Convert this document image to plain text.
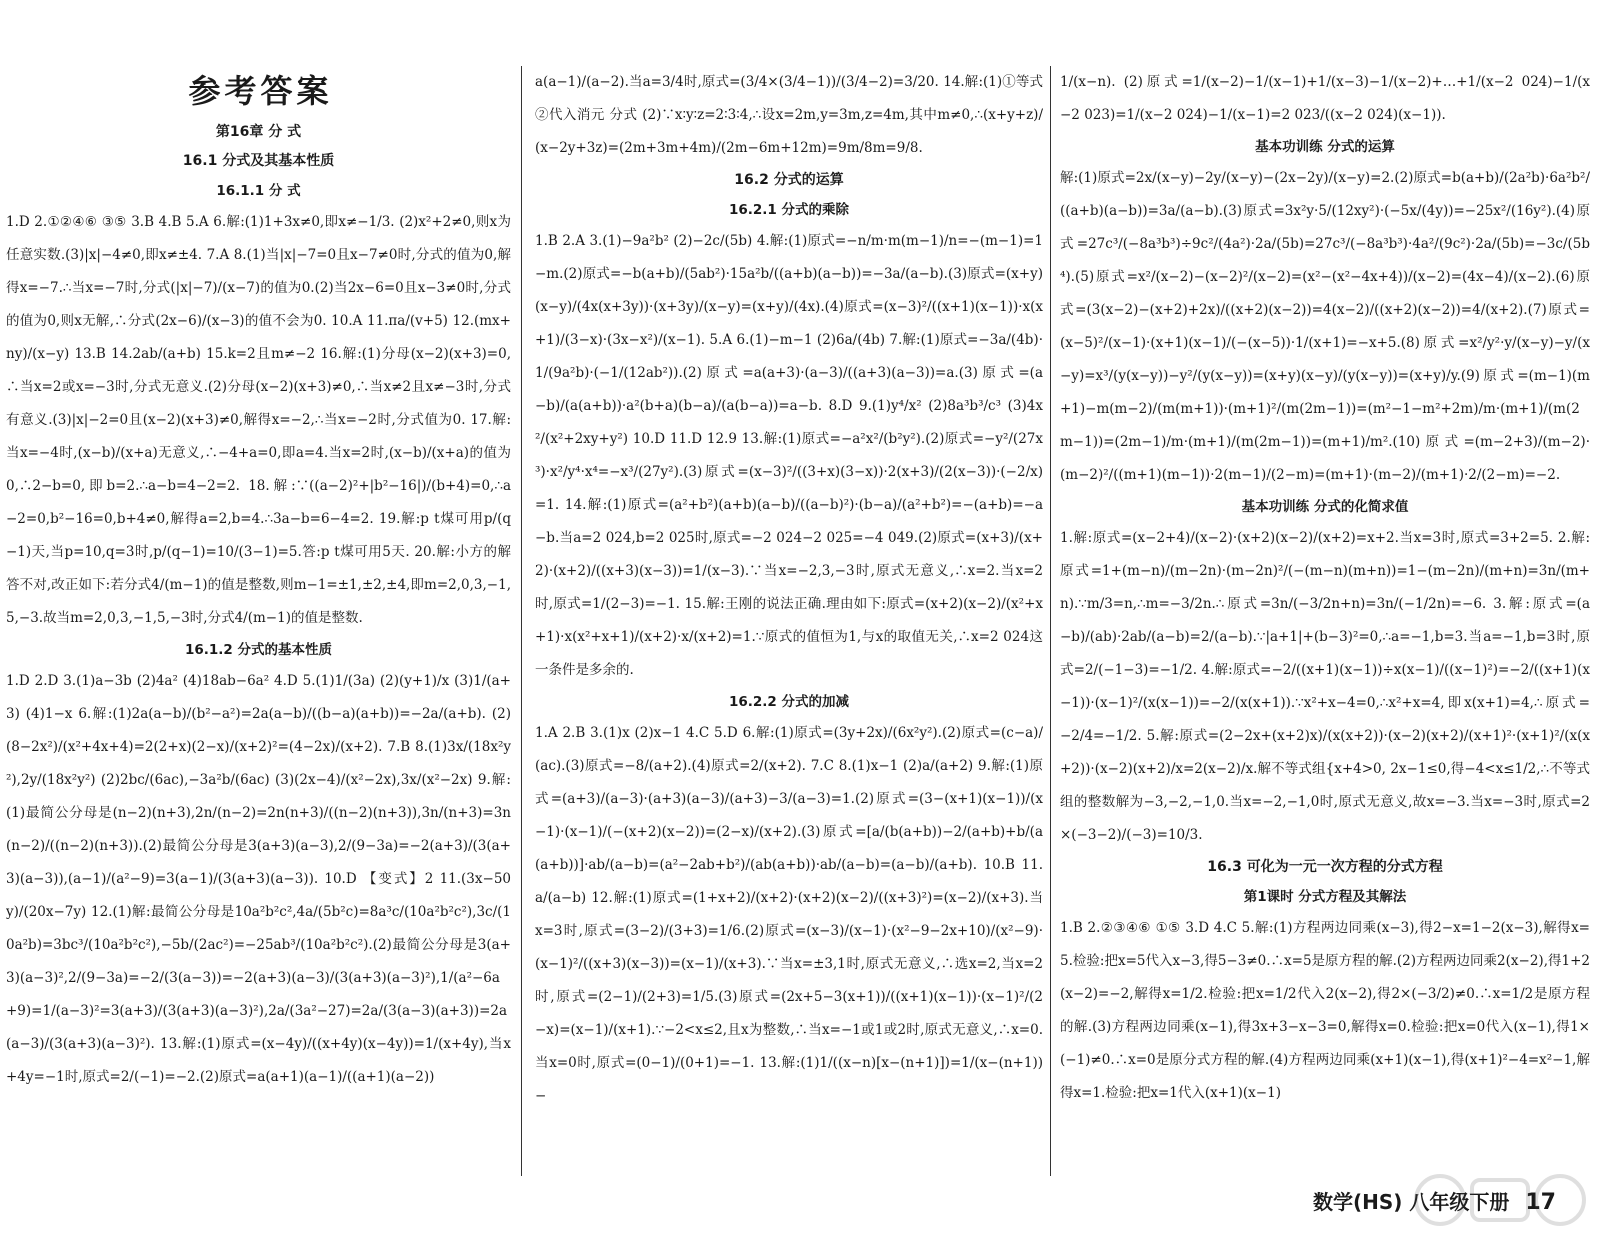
参考答案
第16章 分 式
16.1 分式及其基本性质
16.1.1 分 式

1.D 2.①②④⑥ ③⑤ 3.B 4.B 5.A 6.解:(1)1+3x≠0,即x≠−1/3. (2)x²+2≠0,则x为任意实数.(3)|x|−4≠0,即x≠±4. 7.A 8.(1)当|x|−7=0且x−7≠0时,分式的值为0,解得x=−7.∴当x=−7时,分式(|x|−7)/(x−7)的值为0.(2)当2x−6=0且x−3≠0时,分式的值为0,则x无解,∴分式(2x−6)/(x−3)的值不会为0. 10.A 11.πa/(v+5) 12.(mx+ny)/(x−y) 13.B 14.2ab/(a+b) 15.k=2且m≠−2 16.解:(1)分母(x−2)(x+3)=0,∴当x=2或x=−3时,分式无意义.(2)分母(x−2)(x+3)≠0,∴当x≠2且x≠−3时,分式有意义.(3)|x|−2=0且(x−2)(x+3)≠0,解得x=−2,∴当x=−2时,分式值为0. 17.解:当x=−4时,(x−b)/(x+a)无意义,∴−4+a=0,即a=4.当x=2时,(x−b)/(x+a)的值为0,∴2−b=0,即b=2.∴a−b=4−2=2. 18.解:∵((a−2)²+|b²−16|)/(b+4)=0,∴a−2=0,b²−16=0,b+4≠0,解得a=2,b=4.∴3a−b=6−4=2. 19.解:p t煤可用p/(q−1)天,当p=10,q=3时,p/(q−1)=10/(3−1)=5.答:p t煤可用5天. 20.解:小方的解答不对,改正如下:若分式4/(m−1)的值是整数,则m−1=±1,±2,±4,即m=2,0,3,−1,5,−3.故当m=2,0,3,−1,5,−3时,分式4/(m−1)的值是整数.

16.1.2 分式的基本性质

1.D 2.D 3.(1)a−3b (2)4a² (4)18ab−6a² 4.D 5.(1)1/(3a) (2)(y+1)/x (3)1/(a+3) (4)1−x 6.解:(1)2a(a−b)/(b²−a²)=2a(a−b)/((b−a)(a+b))=−2a/(a+b). (2)(8−2x²)/(x²+4x+4)=2(2+x)(2−x)/(x+2)²=(4−2x)/(x+2). 7.B 8.(1)3x/(18x²y²),2y/(18x²y²) (2)2bc/(6ac),−3a²b/(6ac) (3)(2x−4)/(x²−2x),3x/(x²−2x) 9.解:(1)最简公分母是(n−2)(n+3),2n/(n−2)=2n(n+3)/((n−2)(n+3)),3n/(n+3)=3n(n−2)/((n−2)(n+3)).(2)最简公分母是3(a+3)(a−3),2/(9−3a)=−2(a+3)/(3(a+3)(a−3)),(a−1)/(a²−9)=3(a−1)/(3(a+3)(a−3)). 10.D 【变式】2 11.(3x−50y)/(20x−7y) 12.(1)解:最简公分母是10a²b²c²,4a/(5b²c)=8a³c/(10a²b²c²),3c/(10a²b)=3bc³/(10a²b²c²),−5b/(2ac²)=−25ab³/(10a²b²c²).(2)最简公分母是3(a+3)(a−3)²,2/(9−3a)=−2/(3(a−3))=−2(a+3)(a−3)/(3(a+3)(a−3)²),1/(a²−6a+9)=1/(a−3)²=3(a+3)/(3(a+3)(a−3)²),2a/(3a²−27)=2a/(3(a−3)(a+3))=2a(a−3)/(3(a+3)(a−3)²). 13.解:(1)原式=(x−4y)/((x+4y)(x−4y))=1/(x+4y),当x+4y=−1时,原式=2/(−1)=−2.(2)原式=a(a+1)(a−1)/((a+1)(a−2))

a(a−1)/(a−2).当a=3/4时,原式=(3/4×(3/4−1))/(3/4−2)=3/20. 14.解:(1)①等式 ②代入消元 分式 (2)∵x∶y∶z=2∶3∶4,∴设x=2m,y=3m,z=4m,其中m≠0,∴(x+y+z)/(x−2y+3z)=(2m+3m+4m)/(2m−6m+12m)=9m/8m=9/8.

16.2 分式的运算
16.2.1 分式的乘除

1.B 2.A 3.(1)−9a²b² (2)−2c/(5b) 4.解:(1)原式=−n/m·m(m−1)/n=−(m−1)=1−m.(2)原式=−b(a+b)/(5ab²)·15a²b/((a+b)(a−b))=−3a/(a−b).(3)原式=(x+y)(x−y)/(4x(x+3y))·(x+3y)/(x−y)=(x+y)/(4x).(4)原式=(x−3)²/((x+1)(x−1))·x(x+1)/(3−x)·(3x−x²)/(x−1). 5.A 6.(1)−m−1 (2)6a/(4b) 7.解:(1)原式=−3a/(4b)·1/(9a²b)·(−1/(12ab²)).(2)原式=a(a+3)·(a−3)/((a+3)(a−3))=a.(3)原式=(a−b)/(a(a+b))·a²(b+a)(b−a)/(a(b−a))=a−b. 8.D 9.(1)y⁴/x² (2)8a³b³/c³ (3)4x²/(x²+2xy+y²) 10.D 11.D 12.9 13.解:(1)原式=−a²x²/(b²y²).(2)原式=−y²/(27x³)·x²/y⁴·x⁴=−x³/(27y²).(3)原式=(x−3)²/((3+x)(3−x))·2(x+3)/(2(x−3))·(−2/x)=1. 14.解:(1)原式=(a²+b²)(a+b)(a−b)/((a−b)²)·(b−a)/(a²+b²)=−(a+b)=−a−b.当a=2 024,b=2 025时,原式=−2 024−2 025=−4 049.(2)原式=(x+3)/(x+2)·(x+2)/((x+3)(x−3))=1/(x−3).∵当x=−2,3,−3时,原式无意义,∴x=2.当x=2时,原式=1/(2−3)=−1. 15.解:王刚的说法正确.理由如下:原式=(x+2)(x−2)/(x²+x+1)·x(x²+x+1)/(x+2)·x/(x+2)=1.∵原式的值恒为1,与x的取值无关,∴x=2 024这一条件是多余的.

16.2.2 分式的加减

1.A 2.B 3.(1)x (2)x−1 4.C 5.D 6.解:(1)原式=(3y+2x)/(6x²y²).(2)原式=(c−a)/(ac).(3)原式=−8/(a+2).(4)原式=2/(x+2). 7.C 8.(1)x−1 (2)a/(a+2) 9.解:(1)原式=(a+3)/(a−3)·(a+3)(a−3)/(a+3)−3/(a−3)=1.(2)原式=(3−(x+1)(x−1))/(x−1)·(x−1)/(−(x+2)(x−2))=(2−x)/(x+2).(3)原式=[a/(b(a+b))−2/(a+b)+b/(a(a+b))]·ab/(a−b)=(a²−2ab+b²)/(ab(a+b))·ab/(a−b)=(a−b)/(a+b). 10.B 11.a/(a−b) 12.解:(1)原式=(1+x+2)/(x+2)·(x+2)(x−2)/((x+3)²)=(x−2)/(x+3).当x=3时,原式=(3−2)/(3+3)=1/6.(2)原式=(x−3)/(x−1)·(x²−9−2x+10)/(x²−9)·(x−1)²/((x+3)(x−3))=(x−1)/(x+3).∵当x=±3,1时,原式无意义,∴选x=2,当x=2时,原式=(2−1)/(2+3)=1/5.(3)原式=(2x+5−3(x+1))/((x+1)(x−1))·(x−1)²/(2−x)=(x−1)/(x+1).∵−2<x≤2,且x为整数,∴当x=−1或1或2时,原式无意义,∴x=0.当x=0时,原式=(0−1)/(0+1)=−1. 13.解:(1)1/((x−n)[x−(n+1)])=1/(x−(n+1))−

1/(x−n). (2)原式=1/(x−2)−1/(x−1)+1/(x−3)−1/(x−2)+…+1/(x−2 024)−1/(x−2 023)=1/(x−2 024)−1/(x−1)=2 023/((x−2 024)(x−1)).

基本功训练 分式的运算

解:(1)原式=2x/(x−y)−2y/(x−y)−(2x−2y)/(x−y)=2.(2)原式=b(a+b)/(2a²b)·6a²b²/((a+b)(a−b))=3a/(a−b).(3)原式=3x²y·5/(12xy²)·(−5x/(4y))=−25x²/(16y²).(4)原式=27c³/(−8a³b³)÷9c²/(4a²)·2a/(5b)=27c³/(−8a³b³)·4a²/(9c²)·2a/(5b)=−3c/(5b⁴).(5)原式=x²/(x−2)−(x−2)²/(x−2)=(x²−(x²−4x+4))/(x−2)=(4x−4)/(x−2).(6)原式=(3(x−2)−(x+2)+2x)/((x+2)(x−2))=4(x−2)/((x+2)(x−2))=4/(x+2).(7)原式=(x−5)²/(x−1)·(x+1)(x−1)/(−(x−5))·1/(x+1)=−x+5.(8)原式=x²/y²·y/(x−y)−y/(x−y)=x³/(y(x−y))−y²/(y(x−y))=(x+y)(x−y)/(y(x−y))=(x+y)/y.(9)原式=(m−1)(m+1)−m(m−2)/(m(m+1))·(m+1)²/(m(2m−1))=(m²−1−m²+2m)/m·(m+1)/(m(2m−1))=(2m−1)/m·(m+1)/(m(2m−1))=(m+1)/m².(10)原式=(m−2+3)/(m−2)·(m−2)²/((m+1)(m−1))·2(m−1)/(2−m)=(m+1)·(m−2)/(m+1)·2/(2−m)=−2.

基本功训练 分式的化简求值

1.解:原式=(x−2+4)/(x−2)·(x+2)(x−2)/(x+2)=x+2.当x=3时,原式=3+2=5. 2.解:原式=1+(m−n)/(m−2n)·(m−2n)²/(−(m−n)(m+n))=1−(m−2n)/(m+n)=3n/(m+n).∵m/3=n,∴m=−3/2n.∴原式=3n/(−3/2n+n)=3n/(−1/2n)=−6. 3.解:原式=(a−b)/(ab)·2ab/(a−b)=2/(a−b).∵|a+1|+(b−3)²=0,∴a=−1,b=3.当a=−1,b=3时,原式=2/(−1−3)=−1/2. 4.解:原式=−2/((x+1)(x−1))÷x(x−1)/((x−1)²)=−2/((x+1)(x−1))·(x−1)²/(x(x−1))=−2/(x(x+1)).∵x²+x−4=0,∴x²+x=4,即x(x+1)=4,∴原式=−2/4=−1/2. 5.解:原式=(2−2x+(x+2)x)/(x(x+2))·(x−2)(x+2)/(x+1)²·(x+1)²/(x(x+2))·(x−2)(x+2)/x=2(x−2)/x.解不等式组{x+4>0, 2x−1≤0,得−4<x≤1/2,∴不等式组的整数解为−3,−2,−1,0.当x=−2,−1,0时,原式无意义,故x=−3.当x=−3时,原式=2×(−3−2)/(−3)=10/3.

16.3 可化为一元一次方程的分式方程
第1课时 分式方程及其解法

1.B 2.②③④⑥ ①⑤ 3.D 4.C 5.解:(1)方程两边同乘(x−3),得2−x=1−2(x−3),解得x=5.检验:把x=5代入x−3,得5−3≠0.∴x=5是原方程的解.(2)方程两边同乘2(x−2),得1+2(x−2)=−2,解得x=1/2.检验:把x=1/2代入2(x−2),得2×(−3/2)≠0.∴x=1/2是原方程的解.(3)方程两边同乘(x−1),得3x+3−x−3=0,解得x=0.检验:把x=0代入(x−1),得1×(−1)≠0.∴x=0是原分式方程的解.(4)方程两边同乘(x+1)(x−1),得(x+1)²−4=x²−1,解得x=1.检验:把x=1代入(x+1)(x−1)

数学(HS) 八年级下册 17
